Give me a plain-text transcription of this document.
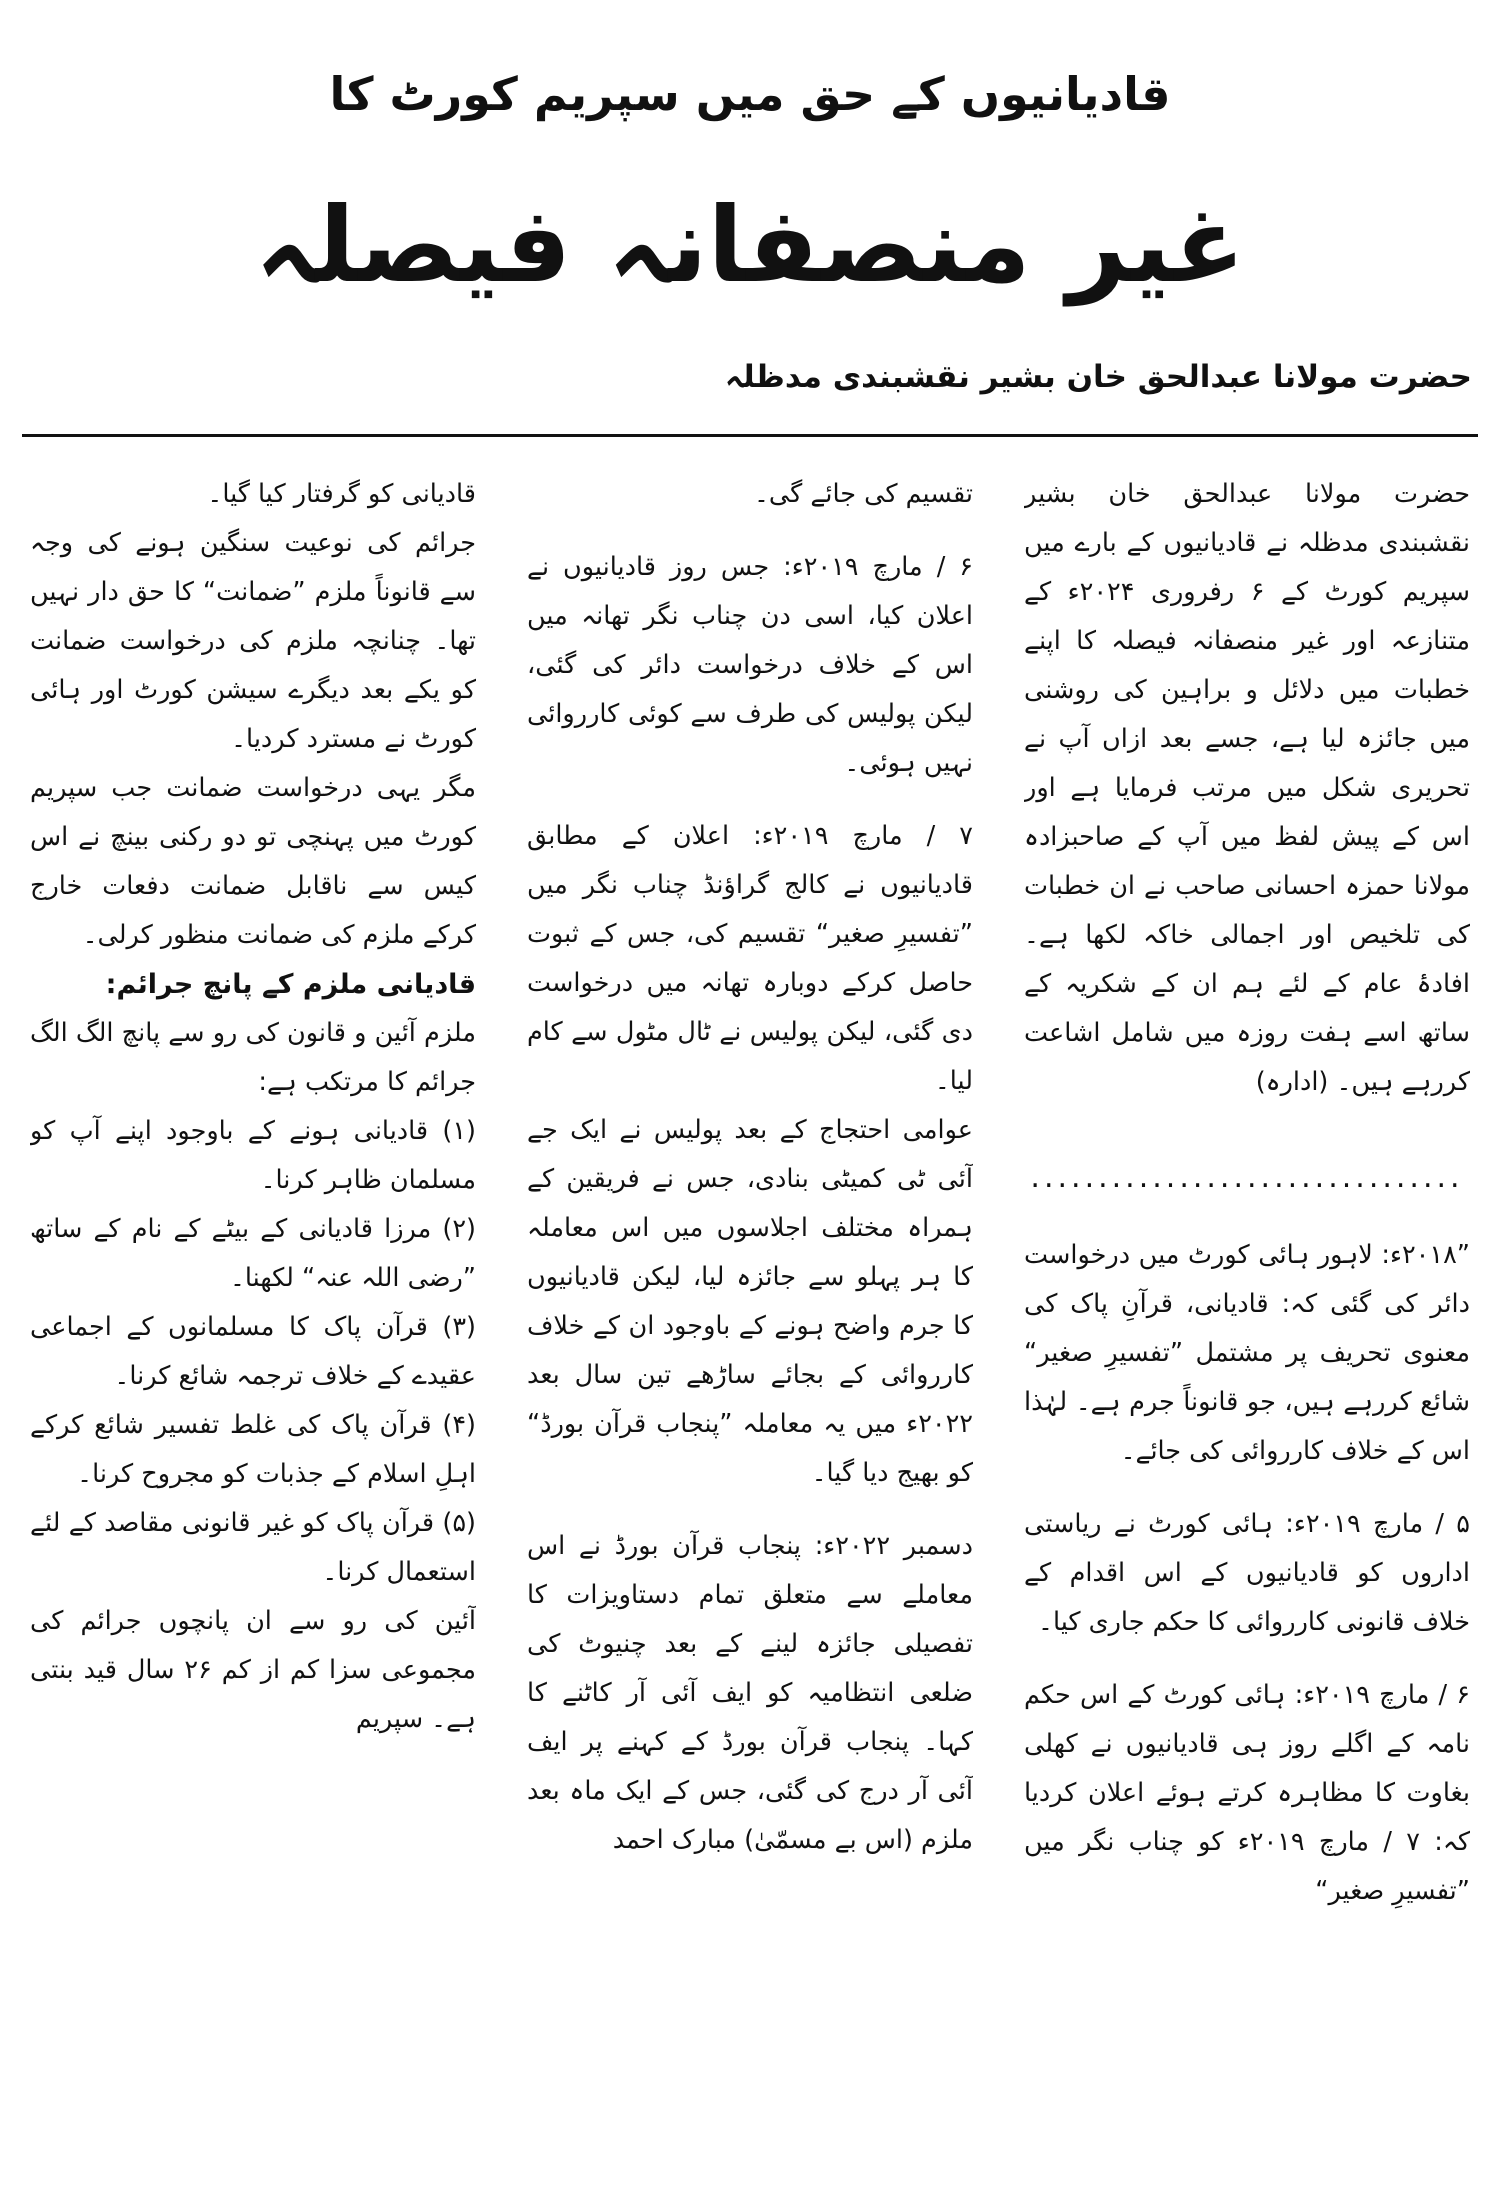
قادیانیوں کے حق میں سپریم کورٹ کا
غیر منصفانہ فیصلہ
حضرت مولانا عبدالحق خان بشیر نقشبندی مدظلہ

حضرت مولانا عبدالحق خان بشیر نقشبندی مدظلہ نے قادیانیوں کے بارے میں سپریم کورٹ کے ۶ رفروری ۲۰۲۴ء کے متنازعہ اور غیر منصفانہ فیصلہ کا اپنے خطبات میں دلائل و براہین کی روشنی میں جائزہ لیا ہے، جسے بعد ازاں آپ نے تحریری شکل میں مرتب فرمایا ہے اور اس کے پیش لفظ میں آپ کے صاحبزادہ مولانا حمزہ احسانی صاحب نے ان خطبات کی تلخیص اور اجمالی خاکہ لکھا ہے۔ افادۂ عام کے لئے ہم ان کے شکریہ کے ساتھ اسے ہفت روزہ میں شامل اشاعت کررہے ہیں۔ (ادارہ)

................................

”۲۰۱۸ء: لاہور ہائی کورٹ میں درخواست دائر کی گئی کہ: قادیانی، قرآنِ پاک کی معنوی تحریف پر مشتمل ”تفسیرِ صغیر“ شائع کررہے ہیں، جو قانوناً جرم ہے۔ لہٰذا اس کے خلاف کارروائی کی جائے۔

۵ / مارچ ۲۰۱۹ء: ہائی کورٹ نے ریاستی اداروں کو قادیانیوں کے اس اقدام کے خلاف قانونی کارروائی کا حکم جاری کیا۔

۶ / مارچ ۲۰۱۹ء: ہائی کورٹ کے اس حکم نامہ کے اگلے روز ہی قادیانیوں نے کھلی بغاوت کا مظاہرہ کرتے ہوئے اعلان کردیا کہ: ۷ / مارچ ۲۰۱۹ء کو چناب نگر میں ”تفسیرِ صغیر“

تقسیم کی جائے گی۔

۶ / مارچ ۲۰۱۹ء: جس روز قادیانیوں نے اعلان کیا، اسی دن چناب نگر تھانہ میں اس کے خلاف درخواست دائر کی گئی، لیکن پولیس کی طرف سے کوئی کارروائی نہیں ہوئی۔

۷ / مارچ ۲۰۱۹ء: اعلان کے مطابق قادیانیوں نے کالج گراؤنڈ چناب نگر میں ”تفسیرِ صغیر“ تقسیم کی، جس کے ثبوت حاصل کرکے دوبارہ تھانہ میں درخواست دی گئی، لیکن پولیس نے ٹال مٹول سے کام لیا۔

عوامی احتجاج کے بعد پولیس نے ایک جے آئی ٹی کمیٹی بنادی، جس نے فریقین کے ہمراہ مختلف اجلاسوں میں اس معاملہ کا ہر پہلو سے جائزہ لیا، لیکن قادیانیوں کا جرم واضح ہونے کے باوجود ان کے خلاف کارروائی کے بجائے ساڑھے تین سال بعد ۲۰۲۲ء میں یہ معاملہ ”پنجاب قرآن بورڈ“ کو بھیج دیا گیا۔

دسمبر ۲۰۲۲ء: پنجاب قرآن بورڈ نے اس معاملے سے متعلق تمام دستاویزات کا تفصیلی جائزہ لینے کے بعد چنیوٹ کی ضلعی انتظامیہ کو ایف آئی آر کاٹنے کا کہا۔ پنجاب قرآن بورڈ کے کہنے پر ایف آئی آر درج کی گئی، جس کے ایک ماہ بعد ملزم (اس بے مسمّیٰ) مبارک احمد

قادیانی کو گرفتار کیا گیا۔

جرائم کی نوعیت سنگین ہونے کی وجہ سے قانوناً ملزم ”ضمانت“ کا حق دار نہیں تھا۔ چنانچہ ملزم کی درخواست ضمانت کو یکے بعد دیگرے سیشن کورٹ اور ہائی کورٹ نے مسترد کردیا۔

مگر یہی درخواست ضمانت جب سپریم کورٹ میں پہنچی تو دو رکنی بینچ نے اس کیس سے ناقابل ضمانت دفعات خارج کرکے ملزم کی ضمانت منظور کرلی۔

قادیانی ملزم کے پانچ جرائم:

ملزم آئین و قانون کی رو سے پانچ الگ الگ جرائم کا مرتکب ہے:

(۱) قادیانی ہونے کے باوجود اپنے آپ کو مسلمان ظاہر کرنا۔

(۲) مرزا قادیانی کے بیٹے کے نام کے ساتھ ”رضی اللہ عنہ“ لکھنا۔

(۳) قرآن پاک کا مسلمانوں کے اجماعی عقیدے کے خلاف ترجمہ شائع کرنا۔

(۴) قرآن پاک کی غلط تفسیر شائع کرکے اہلِ اسلام کے جذبات کو مجروح کرنا۔

(۵) قرآن پاک کو غیر قانونی مقاصد کے لئے استعمال کرنا۔

آئین کی رو سے ان پانچوں جرائم کی مجموعی سزا کم از کم ۲۶ سال قید بنتی ہے۔ سپریم
